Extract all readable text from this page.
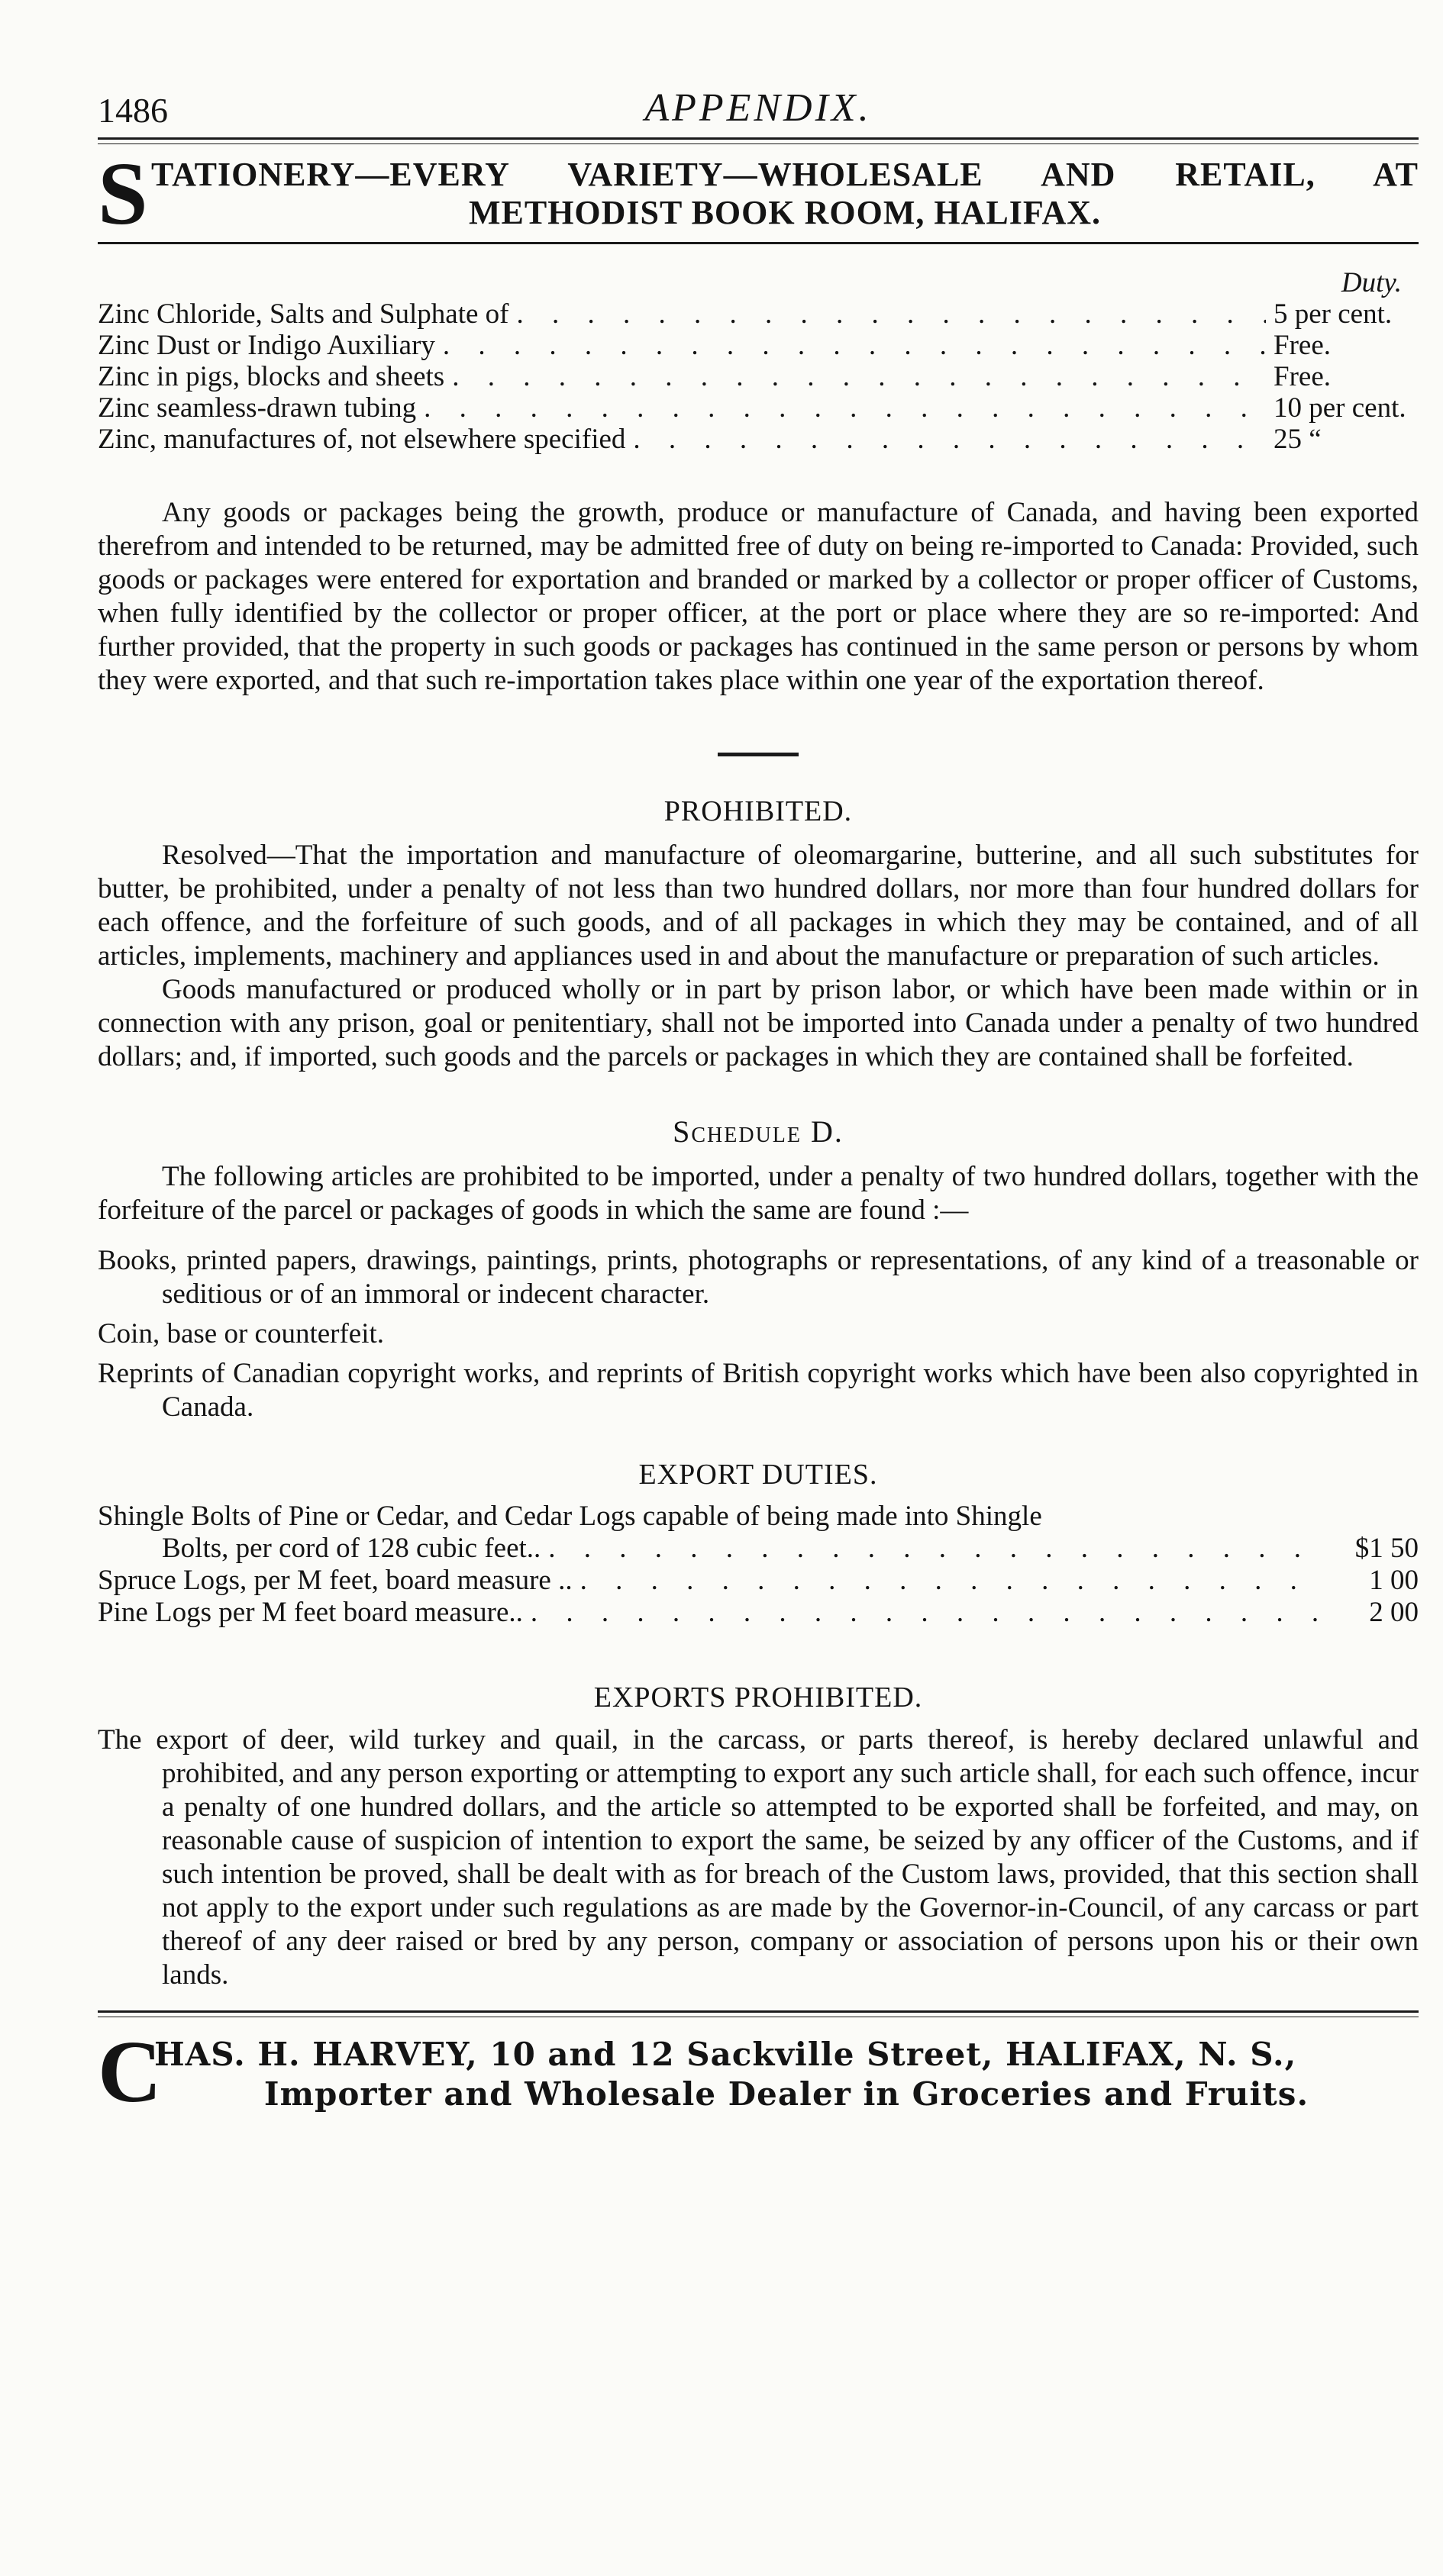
1486	APPENDIX.
S TATIONERY—EVERY VARIETY—WHOLESALE AND RETAIL, AT
METHODIST BOOK ROOM, HALIFAX.
Duty.
Zinc Chloride, Salts and Sulphate of . . .	5 per cent.
Zinc Dust or Indigo Auxiliary . . .	Free.
Zinc in pigs, blocks and sheets . . .	Free.
Zinc seamless-drawn tubing . . .	10 per cent.
Zinc, manufactures of, not elsewhere specified . . .	25 “

Any goods or packages being the growth, produce or manufacture of Canada, and having been exported therefrom and intended to be returned, may be admitted free of duty on being re-imported to Canada: Provided, such goods or packages were entered for exportation and branded or marked by a collector or proper officer of Customs, when fully identified by the collector or proper officer, at the port or place where they are so re-imported: And further provided, that the property in such goods or packages has continued in the same person or persons by whom they were exported, and that such re-importation takes place within one year of the exportation thereof.

PROHIBITED.

Resolved—That the importation and manufacture of oleomargarine, butterine, and all such substitutes for butter, be prohibited, under a penalty of not less than two hundred dollars, nor more than four hundred dollars for each offence, and the forfeiture of such goods, and of all packages in which they may be contained, and of all articles, implements, machinery and appliances used in and about the manufacture or preparation of such articles.

Goods manufactured or produced wholly or in part by prison labor, or which have been made within or in connection with any prison, goal or penitentiary, shall not be imported into Canada under a penalty of two hundred dollars; and, if imported, such goods and the parcels or packages in which they are contained shall be forfeited.

Schedule D.

The following articles are prohibited to be imported, under a penalty of two hundred dollars, together with the forfeiture of the parcel or packages of goods in which the same are found :—

Books, printed papers, drawings, paintings, prints, photographs or representations, of any kind of a treasonable or seditious or of an immoral or indecent character.

Coin, base or counterfeit.

Reprints of Canadian copyright works, and reprints of British copyright works which have been also copyrighted in Canada.

EXPORT DUTIES.
Shingle Bolts of Pine or Cedar, and Cedar Logs capable of being made into Shingle
Bolts, per cord of 128 cubic feet.. . . .	$1 50
Spruce Logs, per M feet, board measure .. . . .	1 00
Pine Logs per M feet board measure.. . . .	2 00
EXPORTS PROHIBITED.

The export of deer, wild turkey and quail, in the carcass, or parts thereof, is hereby declared unlawful and prohibited, and any person exporting or attempting to export any such article shall, for each such offence, incur a penalty of one hundred dollars, and the article so attempted to be exported shall be forfeited, and may, on reasonable cause of suspicion of intention to export the same, be seized by any officer of the Customs, and if such intention be proved, shall be dealt with as for breach of the Custom laws, provided, that this section shall not apply to the export under such regulations as are made by the Governor-in-Council, of any carcass or part thereof of any deer raised or bred by any person, company or association of persons upon his or their own lands.

C
HAS. H. HARVEY, 10 and 12 Sackville Street, HALIFAX, N. S.,
Importer and Wholesale Dealer in Groceries and Fruits.
